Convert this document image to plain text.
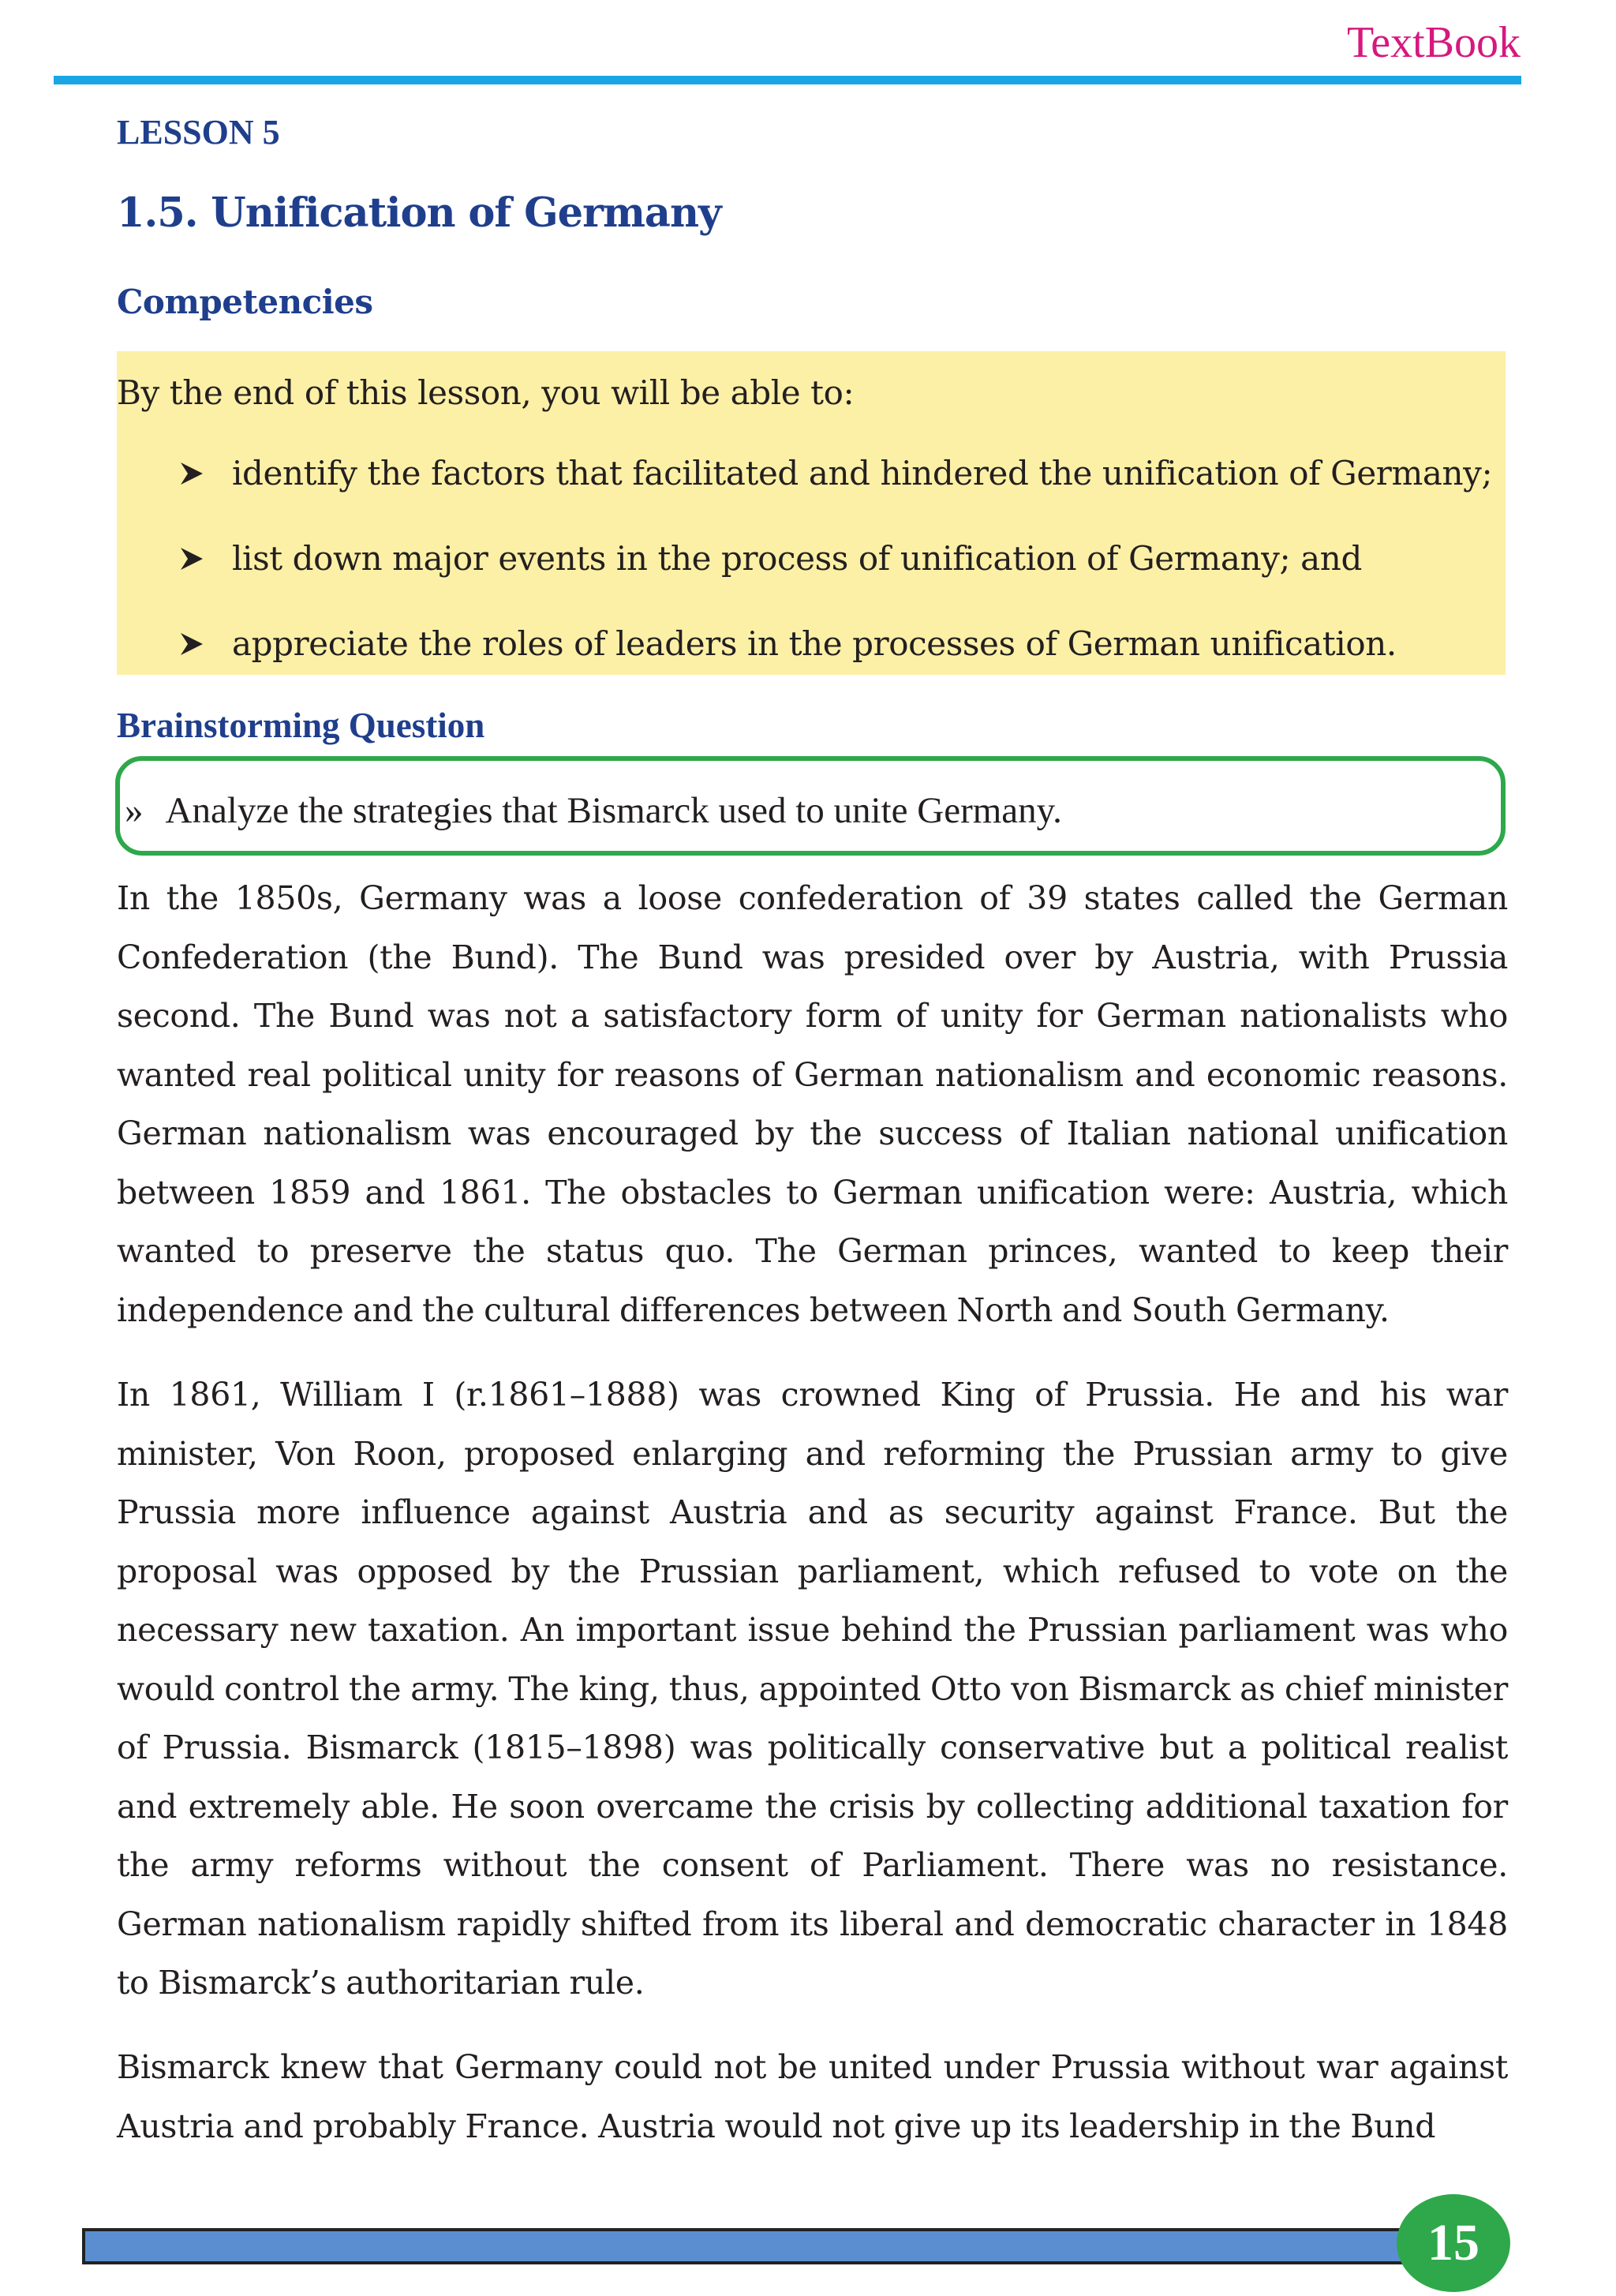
TextBook
LESSON 5
1.5. Unification of Germany
Competencies
By the end of this lesson, you will be able to:
identify the factors that facilitated and hindered the unification of Germany;
list down major events in the process of unification of Germany; and
appreciate the roles of leaders in the processes of German unification.
Brainstorming Question
» Analyze the strategies that Bismarck used to unite Germany.
In the 1850s, Germany was a loose confederation of 39 states called the German Confederation (the Bund). The Bund was presided over by Austria, with Prussia second. The Bund was not a satisfactory form of unity for German nationalists who wanted real political unity for reasons of German nationalism and economic reasons. German nationalism was encouraged by the success of Italian national unification between 1859 and 1861. The obstacles to German unification were: Austria, which wanted to preserve the status quo. The German princes, wanted to keep their independence and the cultural differences between North and South Germany.
In 1861, William I (r.1861–1888) was crowned King of Prussia. He and his war minister, Von Roon, proposed enlarging and reforming the Prussian army to give Prussia more influence against Austria and as security against France. But the proposal was opposed by the Prussian parliament, which refused to vote on the necessary new taxation. An important issue behind the Prussian parliament was who would control the army. The king, thus, appointed Otto von Bismarck as chief minister of Prussia. Bismarck (1815–1898) was politically conservative but a political realist and extremely able. He soon overcame the crisis by collecting additional taxation for the army reforms without the consent of Parliament. There was no resistance. German nationalism rapidly shifted from its liberal and democratic character in 1848 to Bismarck’s authoritarian rule.
Bismarck knew that Germany could not be united under Prussia without war against Austria and probably France. Austria would not give up its leadership in the Bund
15
